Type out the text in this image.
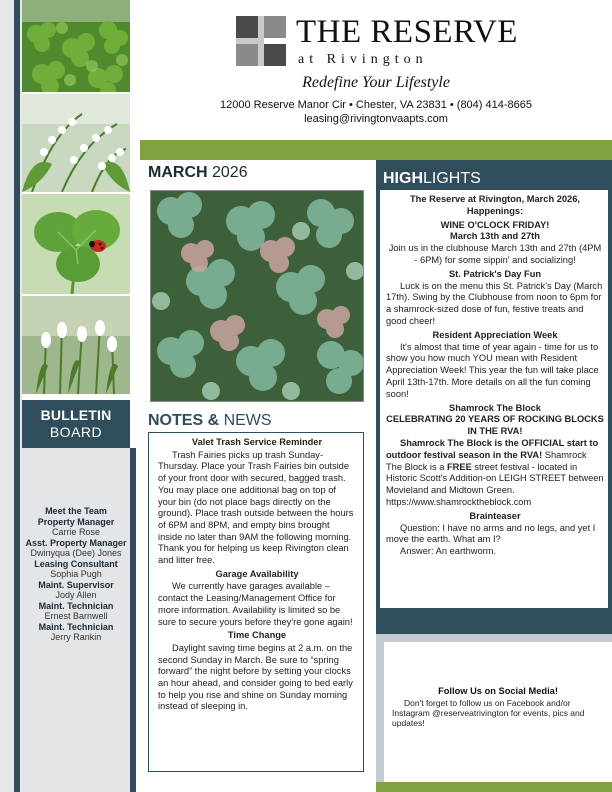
BULLETIN
BOARD
Meet the Team
Property Manager
Carrie Rose
Asst. Property Manager
Dwinyqua (Dee) Jones
Leasing Consultant
Sophia Pugh
Maint. Supervisor
Jody Allen
Maint. Technician
Ernest Barnwell
Maint. Technician
Jerry Rankin
THE RESERVE
at Rivington
Redefine Your Lifestyle
12000 Reserve Manor Cir • Chester, VA 23831 • (804) 414-8665
leasing@rivingtonvaapts.com
MARCH 2026
NOTES & NEWS
Valet Trash Service Reminder
Trash Fairies picks up trash Sunday-Thursday. Place your Trash Fairies bin outside of your front door with secured, bagged trash. You may place one additional bag on top of your bin (do not place bags directly on the ground). Place trash outside between the hours of 6PM and 8PM, and empty bins brought inside no later than 9AM the following morning. Thank you for helping us keep Rivington clean and litter free.
Garage Availability
We currently have garages available – contact the Leasing/Management Office for more information. Availability is limited so be sure to secure yours before they're gone again!
Time Change
Daylight saving time begins at 2 a.m. on the second Sunday in March. Be sure to “spring forward” the night before by setting your clocks an hour ahead, and consider going to bed early to help you rise and shine on Sunday morning instead of sleeping in.
HIGHLIGHTS
The Reserve at Rivington, March 2026, Happenings:
WINE O'CLOCK FRIDAY!
March 13th and 27th
Join us in the clubhouse March 13th and 27th (4PM - 6PM) for some sippin' and socializing!
St. Patrick's Day Fun
Luck is on the menu this St. Patrick's Day (March 17th). Swing by the Clubhouse from noon to 6pm for a shamrock-sized dose of fun, festive treats and good cheer!
Resident Appreciation Week
It's almost that time of year again - time for us to show you how much YOU mean with Resident Appreciation Week! This year the fun will take place April 13th-17th. More details on all the fun coming soon!
Shamrock The Block
CELEBRATING 20 YEARS OF ROCKING BLOCKS IN THE RVA!
Shamrock The Block is the OFFICIAL start to outdoor festival season in the RVA! Shamrock The Block is a FREE street festival - located in Historic Scott's Addition-on LEIGH STREET between Movieland and Midtown Green.
https://www.shamrocktheblock.com
Brainteaser
Question: I have no arms and no legs, and yet I move the earth. What am I?
Answer: An earthworm.
Follow Us on Social Media!
Don't forget to follow us on Facebook and/or Instagram @reserveatrivington for events, pics and updates!
